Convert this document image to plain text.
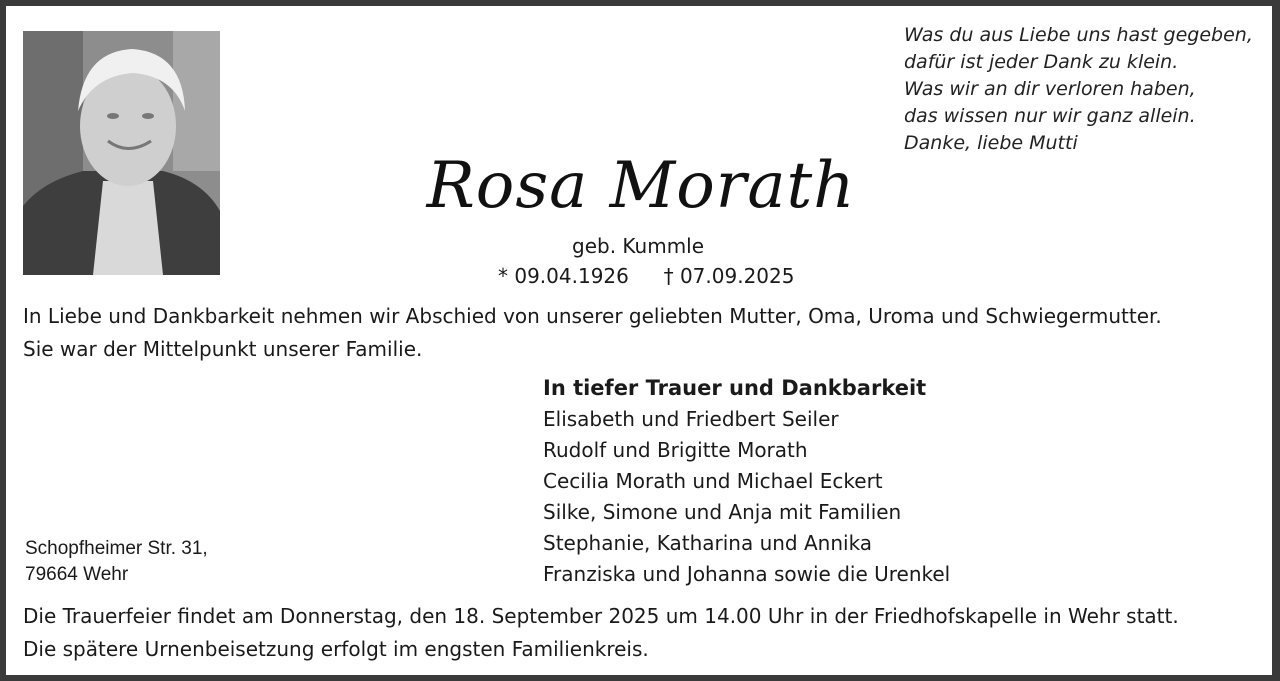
Was du aus Liebe uns hast gegeben,
dafür ist jeder Dank zu klein.
Was wir an dir verloren haben,
das wissen nur wir ganz allein.
Danke, liebe Mutti
Rosa Morath
geb. Kummle
* 09.04.1926 † 07.09.2025
In Liebe und Dankbarkeit nehmen wir Abschied von unserer geliebten Mutter, Oma, Uroma und Schwiegermutter.
Sie war der Mittelpunkt unserer Familie.
In tiefer Trauer und Dankbarkeit
Elisabeth und Friedbert Seiler
Rudolf und Brigitte Morath
Cecilia Morath und Michael Eckert
Silke, Simone und Anja mit Familien
Stephanie, Katharina und Annika
Franziska und Johanna sowie die Urenkel
Schopfheimer Str. 31,
79664 Wehr
Die Trauerfeier findet am Donnerstag, den 18. September 2025 um 14.00 Uhr in der Friedhofskapelle in Wehr statt.
Die spätere Urnenbeisetzung erfolgt im engsten Familienkreis.
